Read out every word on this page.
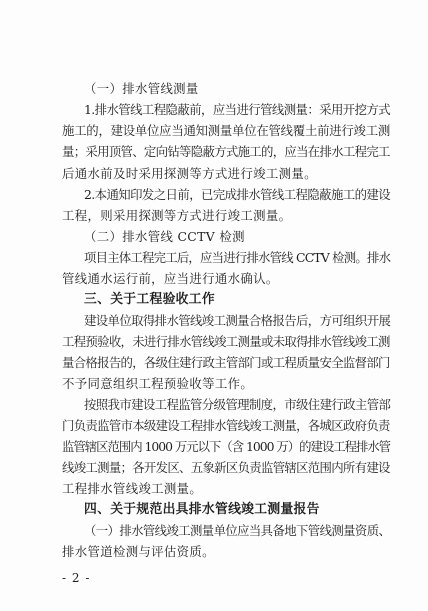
（一）排水管线测量
1.排水管线工程隐蔽前，应当进行管线测量：采用开挖方式
施工的，建设单位应当通知测量单位在管线覆土前进行竣工测
量；采用顶管、定向钻等隐蔽方式施工的，应当在排水工程完工
后通水前及时采用探测等方式进行竣工测量。
2.本通知印发之日前，已完成排水管线工程隐蔽施工的建设
工程，则采用探测等方式进行竣工测量。
（二）排水管线 CCTV 检测
项目主体工程完工后，应当进行排水管线 CCTV 检测。排水
管线通水运行前，应当进行通水确认。
三、关于工程验收工作
建设单位取得排水管线竣工测量合格报告后，方可组织开展
工程预验收，未进行排水管线竣工测量或未取得排水管线竣工测
量合格报告的，各级住建行政主管部门或工程质量安全监督部门
不予同意组织工程预验收等工作。
按照我市建设工程监管分级管理制度，市级住建行政主管部
门负责监管市本级建设工程排水管线竣工测量，各城区政府负责
监管辖区范围内 1000 万元以下（含 1000 万）的建设工程排水管
线竣工测量；各开发区、五象新区负责监管辖区范围内所有建设
工程排水管线竣工测量。
四、关于规范出具排水管线竣工测量报告
（一）排水管线竣工测量单位应当具备地下管线测量资质、
排水管道检测与评估资质。
- 2 -
